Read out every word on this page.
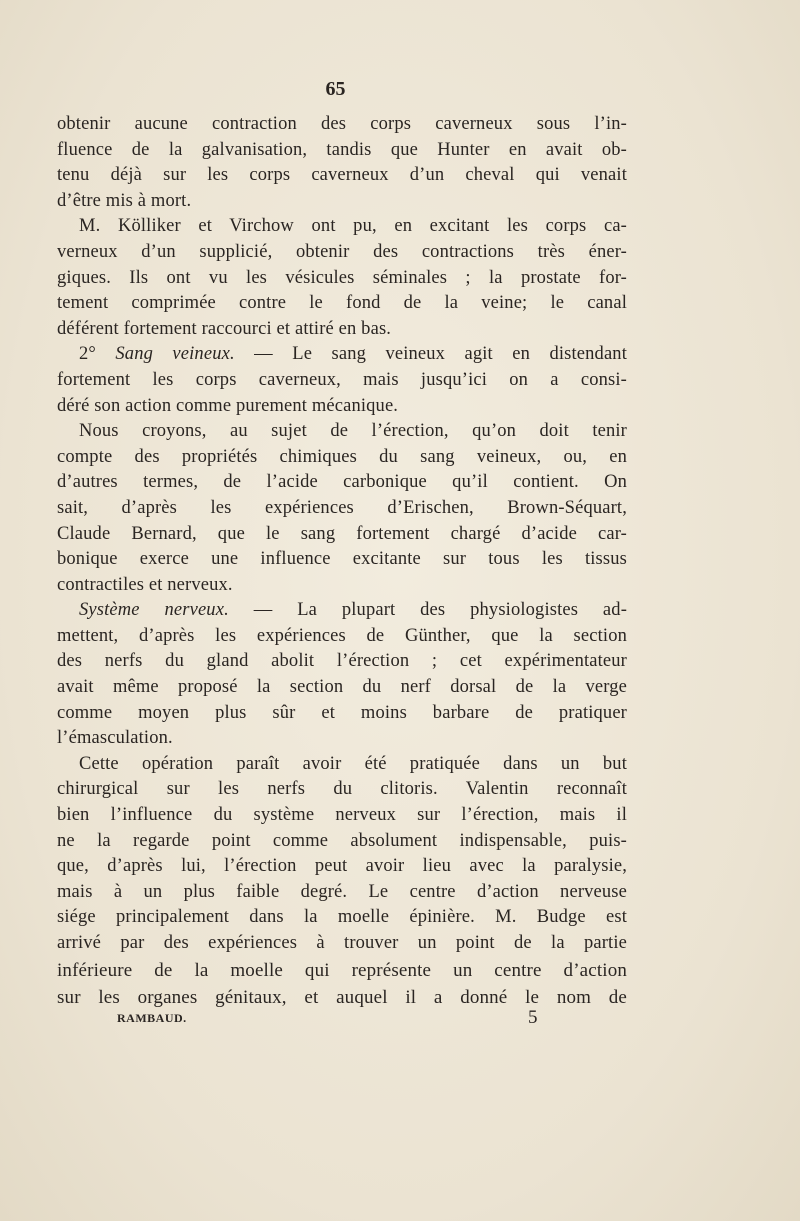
65
obtenir aucune contraction des corps caverneux sous l’in-
fluence de la galvanisation, tandis que Hunter en avait ob-
tenu déjà sur les corps caverneux d’un cheval qui venait
d’être mis à mort.
M. Kölliker et Virchow ont pu, en excitant les corps ca-
verneux d’un supplicié, obtenir des contractions très éner-
giques. Ils ont vu les vésicules séminales ; la prostate for-
tement comprimée contre le fond de la veine; le canal
déférent fortement raccourci et attiré en bas.
2° Sang veineux. — Le sang veineux agit en distendant
fortement les corps caverneux, mais jusqu’ici on a consi-
déré son action comme purement mécanique.
Nous croyons, au sujet de l’érection, qu’on doit tenir
compte des propriétés chimiques du sang veineux, ou, en
d’autres termes, de l’acide carbonique qu’il contient. On
sait, d’après les expériences d’Erischen, Brown-Séquart,
Claude Bernard, que le sang fortement chargé d’acide car-
bonique exerce une influence excitante sur tous les tissus
contractiles et nerveux.
Système nerveux. — La plupart des physiologistes ad-
mettent, d’après les expériences de Günther, que la section
des nerfs du gland abolit l’érection ; cet expérimentateur
avait même proposé la section du nerf dorsal de la verge
comme moyen plus sûr et moins barbare de pratiquer
l’émasculation.
Cette opération paraît avoir été pratiquée dans un but
chirurgical sur les nerfs du clitoris. Valentin reconnaît
bien l’influence du système nerveux sur l’érection, mais il
ne la regarde point comme absolument indispensable, puis-
que, d’après lui, l’érection peut avoir lieu avec la paralysie,
mais à un plus faible degré. Le centre d’action nerveuse
siége principalement dans la moelle épinière. M. Budge est
arrivé par des expériences à trouver un point de la partie
inférieure de la moelle qui représente un centre d’action
sur les organes génitaux, et auquel il a donné le nom de
RAMBAUD.	5
